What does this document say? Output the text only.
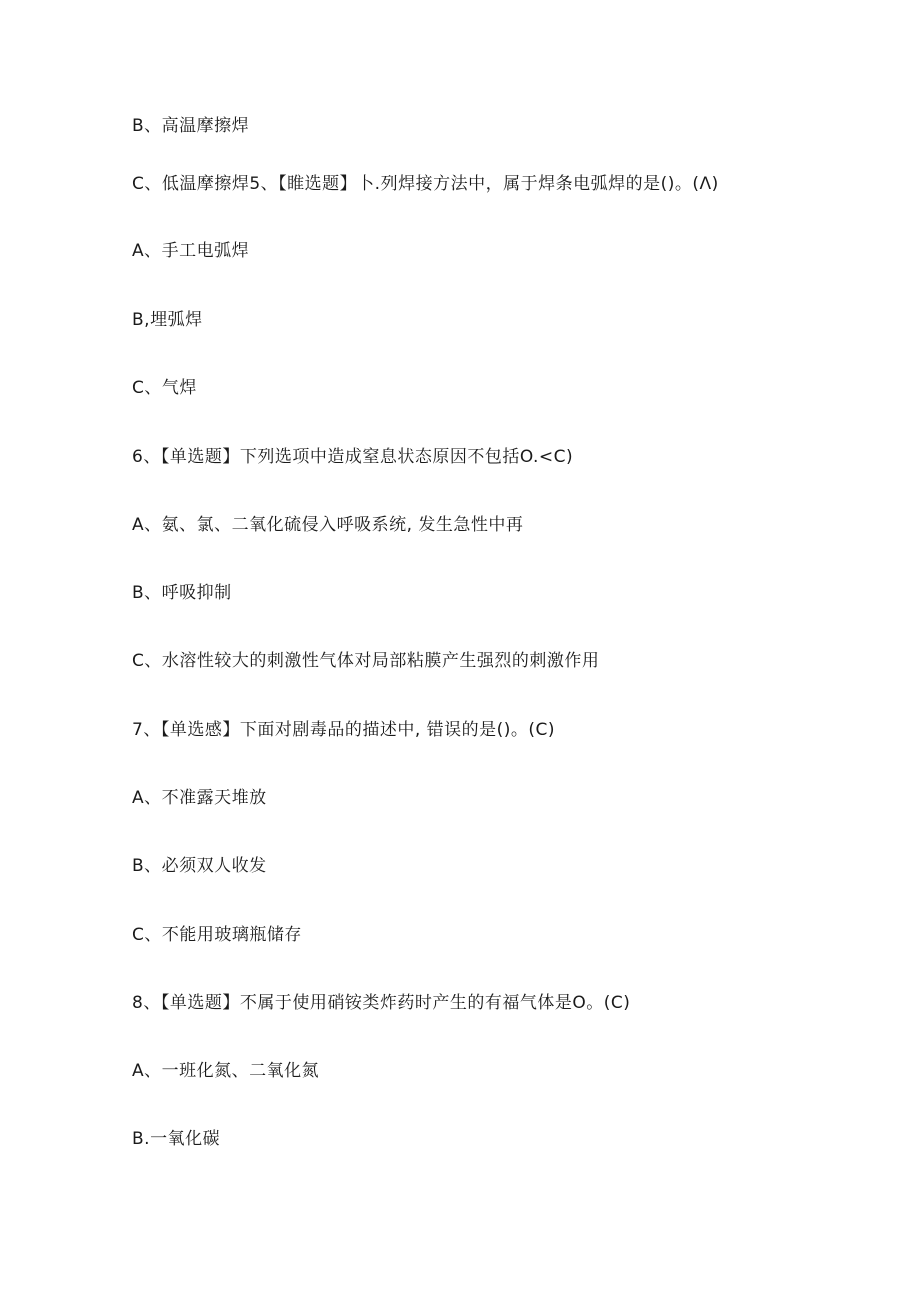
B、高温摩擦焊
C、低温摩擦焊5、【睢选题】卜.列焊接方法中，属于焊条电弧焊的是()。(Λ)
A、手工电弧焊
B,埋弧焊
C、气焊
6、【单选题】下列选项中造成窒息状态原因不包括O.<C)
A、氨、氯、二氧化硫侵入呼吸系统, 发生急性中再
B、呼吸抑制
C、水溶性较大的刺激性气体对局部粘膜产生强烈的刺激作用
7、【单选感】下面对剧毒品的描述中, 错误的是()。(C)
A、不准露天堆放
B、必须双人收发
C、不能用玻璃瓶储存
8、【单选题】不属于使用硝铵类炸药时产生的有福气体是O。(C)
A、一班化氮、二氧化氮
B.一氧化碳
